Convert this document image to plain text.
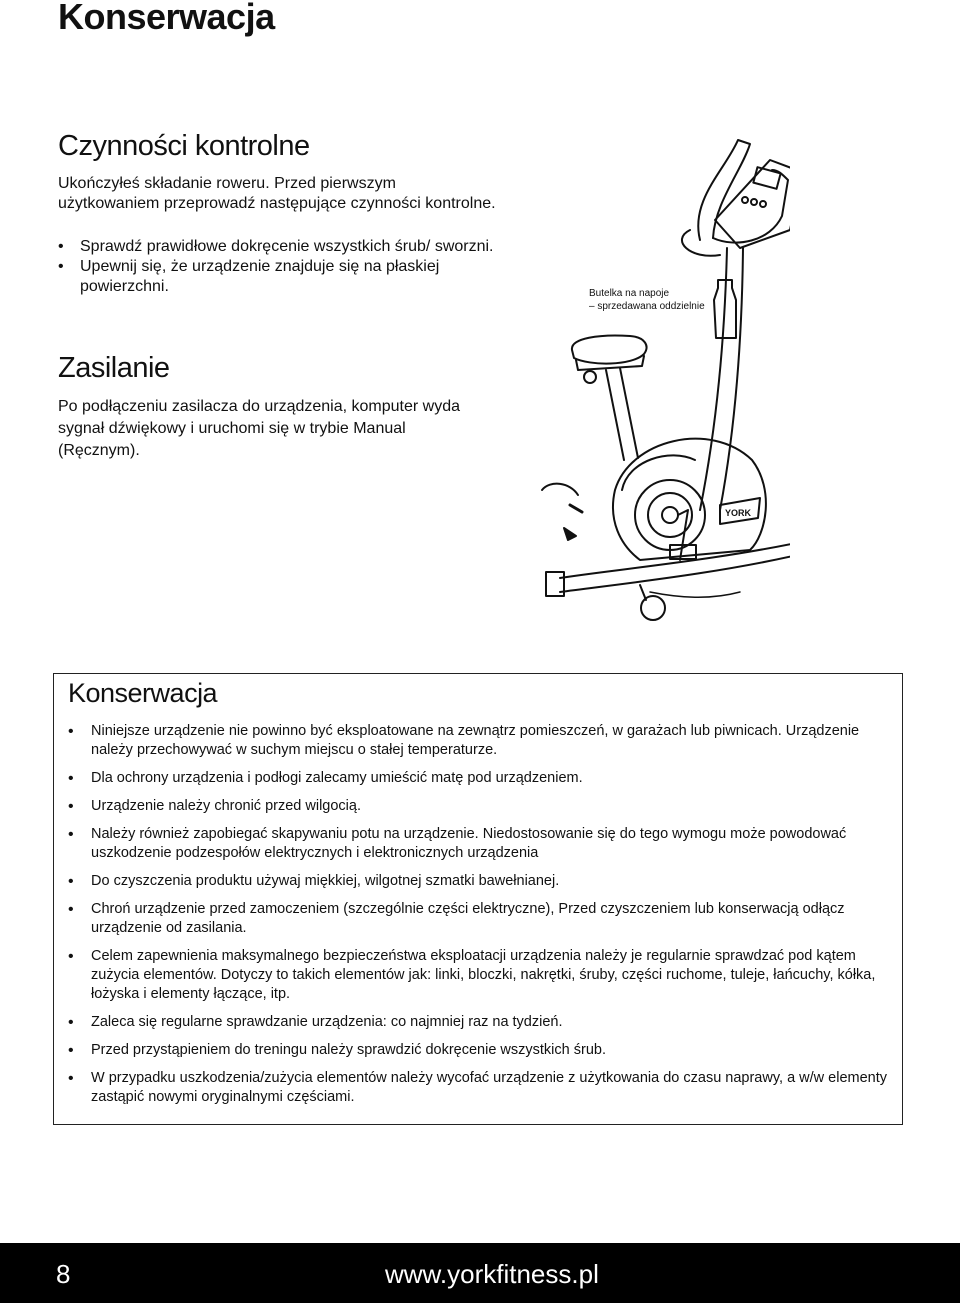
Konserwacja
Czynności kontrolne

Ukończyłeś składanie roweru. Przed pierwszym użytkowaniem przeprowadź następujące czynności kontrolne.

• Sprawdź prawidłowe dokręcenie wszystkich śrub/ sworzni.
• Upewnij się, że urządzenie znajduje się na płaskiej powierzchni.
Zasilanie

Po podłączeniu zasilacza do urządzenia, komputer wyda sygnał dźwiękowy i uruchomi się w trybie Manual (Ręcznym).

YORK
Butelka na napoje
– sprzedawana oddzielnie
Konserwacja
• Niniejsze urządzenie nie powinno być eksploatowane na zewnątrz pomieszczeń, w garażach lub piwnicach. Urządzenie należy przechowywać w suchym miejscu o stałej temperaturze.
• Dla ochrony urządzenia i podłogi zalecamy umieścić matę pod urządzeniem.
• Urządzenie należy chronić przed wilgocią.
• Należy również zapobiegać skapywaniu potu na urządzenie. Niedostosowanie się do tego wymogu może powodować uszkodzenie podzespołów elektrycznych i elektronicznych urządzenia
• Do czyszczenia produktu używaj miękkiej, wilgotnej szmatki bawełnianej.
• Chroń urządzenie przed zamoczeniem (szczególnie części elektryczne), Przed czyszczeniem lub konserwacją odłącz urządzenie od zasilania.
• Celem zapewnienia maksymalnego bezpieczeństwa eksploatacji urządzenia należy je regularnie sprawdzać pod kątem zużycia elementów. Dotyczy to takich elementów jak: linki, bloczki, nakrętki, śruby, części ruchome, tuleje, łańcuchy, kółka, łożyska i elementy łączące, itp.
• Zaleca się regularne sprawdzanie urządzenia: co najmniej raz na tydzień.
• Przed przystąpieniem do treningu należy sprawdzić dokręcenie wszystkich śrub.
• W przypadku uszkodzenia/zużycia elementów należy wycofać urządzenie z użytkowania do czasu naprawy, a w/w elementy zastąpić nowymi oryginalnymi częściami.
8	www.yorkfitness.pl
